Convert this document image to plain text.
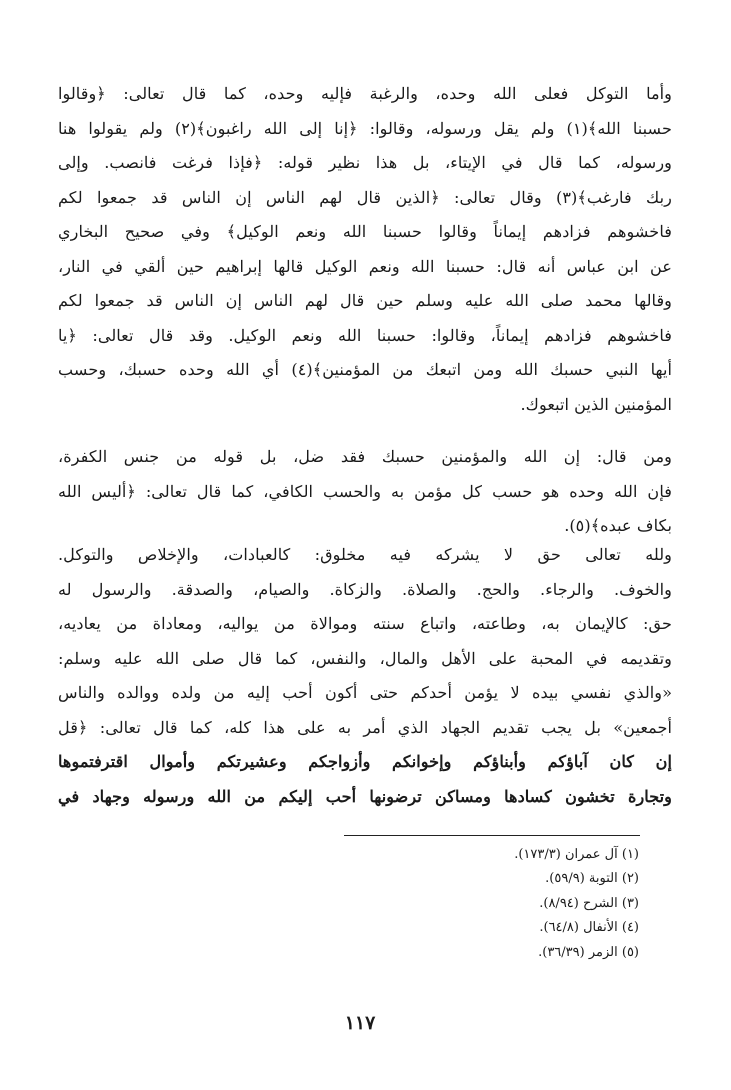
وأما التوكل فعلى الله وحده، والرغبة فإليه وحده، كما قال تعالى: ﴿وقالوا
حسبنا الله﴾(١) ولم يقل ورسوله، وقالوا: ﴿إنا إلى الله راغبون﴾(٢) ولم يقولوا هنا
ورسوله، كما قال في الإيتاء، بل هذا نظير قوله: ﴿فإذا فرغت فانصب. وإلى
ربك فارغب﴾(٣) وقال تعالى: ﴿الذين قال لهم الناس إن الناس قد جمعوا لكم
فاخشوهم فزادهم إيماناً وقالوا حسبنا الله ونعم الوكيل﴾ وفي صحيح البخاري
عن ابن عباس أنه قال: حسبنا الله ونعم الوكيل قالها إبراهيم حين ألقي في النار،
وقالها محمد صلى الله عليه وسلم حين قال لهم الناس إن الناس قد جمعوا لكم
فاخشوهم فزادهم إيماناً، وقالوا: حسبنا الله ونعم الوكيل. وقد قال تعالى: ﴿يا
أيها النبي حسبك الله ومن اتبعك من المؤمنين﴾(٤) أي الله وحده حسبك، وحسب
المؤمنين الذين اتبعوك.
ومن قال: إن الله والمؤمنين حسبك فقد ضل، بل قوله من جنس الكفرة،
فإن الله وحده هو حسب كل مؤمن به والحسب الكافي، كما قال تعالى: ﴿أليس الله
بكاف عبده﴾(٥).
ولله تعالى حق لا يشركه فيه مخلوق: كالعبادات، والإخلاص والتوكل.
والخوف. والرجاء. والحج. والصلاة. والزكاة. والصيام، والصدقة. والرسول له
حق: كالإيمان به، وطاعته، واتباع سنته وموالاة من يواليه، ومعاداة من يعاديه،
وتقديمه في المحبة على الأهل والمال، والنفس، كما قال صلى الله عليه وسلم:
«والذي نفسي بيده لا يؤمن أحدكم حتى أكون أحب إليه من ولده ووالده والناس
أجمعين» بل يجب تقديم الجهاد الذي أمر به على هذا كله، كما قال تعالى: ﴿قل
إن كان آباؤكم وأبناؤكم وإخوانكم وأزواجكم وعشيرتكم وأموال اقترفتموها
وتجارة تخشون كسادها ومساكن ترضونها أحب إليكم من الله ورسوله وجهاد في
(١) آل عمران (١٧٣/٣).
(٢) التوبة (٥٩/٩).
(٣) الشرح (٨/٩٤).
(٤) الأنفال (٦٤/٨).
(٥) الزمر (٣٦/٣٩).
١١٧
